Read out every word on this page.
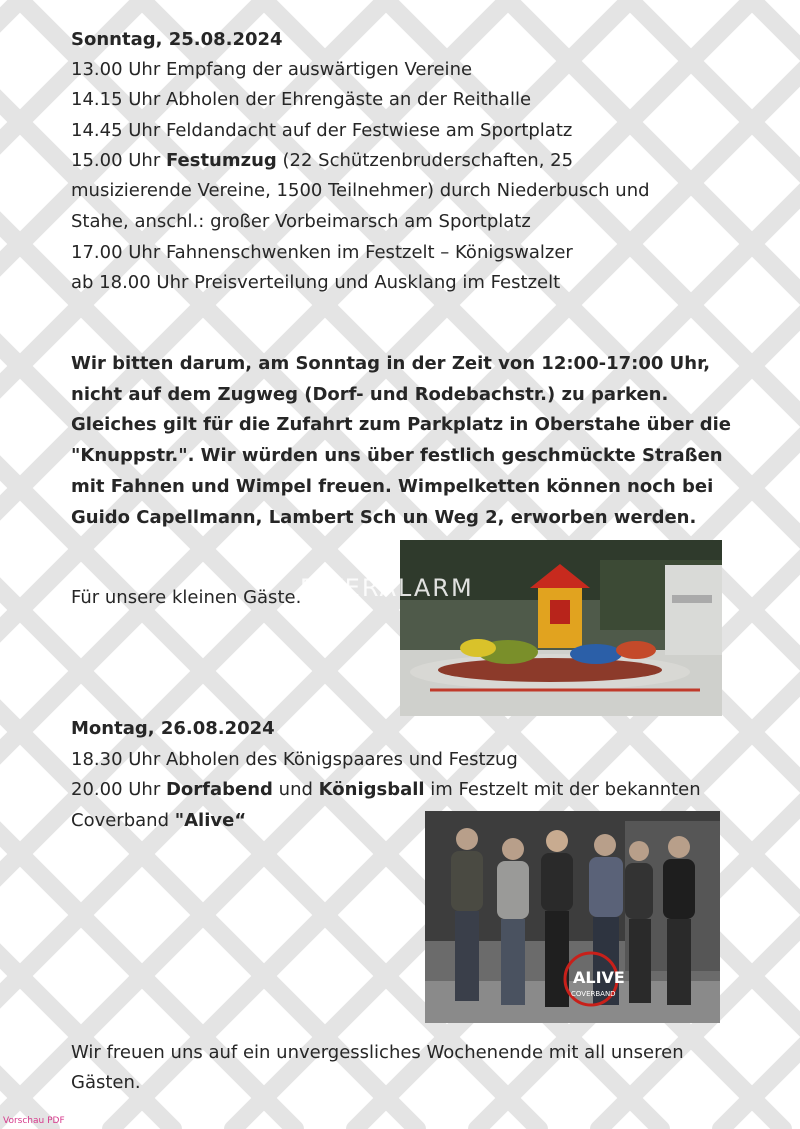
Sonntag, 25.08.2024
13.00 Uhr Empfang der auswärtigen Vereine
14.15 Uhr Abholen der Ehrengäste an der Reithalle
14.45 Uhr Feldandacht auf der Festwiese am Sportplatz
15.00 Uhr Festumzug (22 Schützenbruderschaften, 25
musizierende Vereine, 1500 Teilnehmer) durch Niederbusch und
Stahe, anschl.: großer Vorbeimarsch am Sportplatz
17.00 Uhr Fahnenschwenken im Festzelt – Königswalzer
ab 18.00 Uhr Preisverteilung und Ausklang im Festzelt
Wir bitten darum, am Sonntag in der Zeit von 12:00-17:00 Uhr,
nicht auf dem Zugweg (Dorf- und Rodebachstr.) zu parken.
Gleiches gilt für die Zufahrt zum Parkplatz in Oberstahe über die
"Knuppstr.". Wir würden uns über festlich geschmückte Straßen
mit Fahnen und Wimpel freuen. Wimpelketten können noch bei
Guido Capellmann, Lambert Sch un Weg 2, erworben werden.
Für unsere kleinen Gäste.
FLYERALARM
Montag, 26.08.2024
18.30 Uhr Abholen des Königspaares und Festzug
20.00 Uhr Dorfabend und Königsball im Festzelt mit der bekannten
Coverband "Alive“
ALIVE
COVERBAND
Wir freuen uns auf ein unvergessliches Wochenende mit all unseren
Gästen.
Vorschau PDF
